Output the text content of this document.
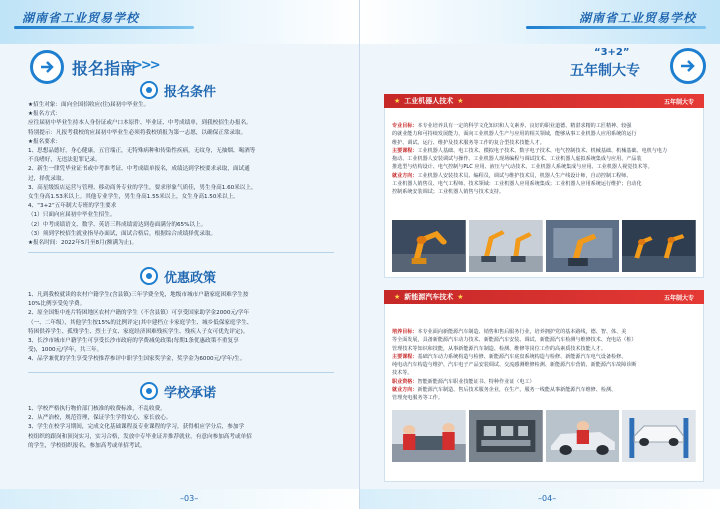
湖南省工业贸易学校
报名指南
>>>
报名条件
★招生对象：面向全国招收应(往)届初中毕业生。
★报名方式：
应往届初中毕业生持本人身份证或户口本原件、毕业证、中考成绩单，到我校招生办报名。
特别提示：凡报考我校的应届初中毕业生必须将我校填报为第一志愿，以确保正常录取。
★报名要求：
1、思想品德好，身心健康，五官端正，无特殊病种和传染性疾病，无纹身，无抽烟、喝酒等
不良嗜好，无违法犯罪记录。
2、新生一律凭毕业证书或中考准考证、中考成绩单报名，成绩达到学校要求录取，面试通
过，择优录取。
3、高星级饭店运营与管理、移动商务专业的学生，要求形象气质佳，男生身高1.60米以上，
女生身高1.53米以上。其他专业学生，男生身高1.55米以上，女生身高1.50米以上。
4、“3+2”五年制大专班的学生要求
（1）只面向应届初中毕业生招生。
（2）中考成绩语文、数学、英语三科成绩需达到卷面满分的65%以上。
（3）须到学校招生就业指导办面试，面试合格后，根据综合成绩择优录取。
★报名时间：2022年5月至8月(额满为止)。
优惠政策
1、凡到我校就读的农村户籍学生(含县镇)三年学费全免，地级市城市户籍家庭困难学生按
10%比例享受免学费。
2、原全国集中连片特困地区农村户籍的学生（不含县镇）可享受国家助学金2000元/学年
（一、二年级），其他学生按15%的比例评定(其中建档立卡家庭学生、城乡低保家庭学生、
特困供养学生、孤残学生、烈士子女、家庭经济困难残疾学生、残疾人子女可优先评定)。
3、长沙市城市户籍学生可享受长沙市政府的学费减免政策(每期1条优惠政策不重复享
受)，1000元/学年，共三年。
4、品学兼优的学生享受学校推荐参评中职学生国家奖学金，奖学金为6000元/学年/生。
学校承诺
1、学校严格执行物价部门核准的收费标准，不乱收费。
2、从严治校，规范管理，保证学生学得安心，家长放心。
3、学生在校学习期间，完成文化基础课程及专业课程的学习，获得相应学分后，参加学
校组织的跟岗和顶岗实习，实习合格，发放中专毕业证并推荐就业。有意向参加高考或单招
的学生，学校组织报名，参加高考或单招考试。
–03–
湖南省工业贸易学校
“3+2”
五年制大专
–04–
★ 工业机器人技术 ★	五年制大专
专业目标：本专业培养具有一定的科学文化知识和人文素养、良好的职业道德、精湛求精的工匠精神、较强
的就业能力和可持续发展能力，面向工业机器人生产与应用的相关领域，能够从事工业机器人应用系统的运行
维护、调试、运行、维护及技术服务等工作的复合型技术技能人才。
主要课程：工业机器人基础、电工技术、模拟电子技术、数字电子技术、电气控制技术、机械基础、机械基础、电机与电力
拖动、工业机器人安装调试与操作、工业机器人现场编程与调试技术、工业机器人虚拟系统集成与应用、产品装
推选型与结构设计、电气控制与PLC 应用、液压与气动技术、工业机器人系统集成与应用、工业机器人视觉技术等。
就业方向：工业机器人安装技术员、编程员，调试与维护技术员，机器人生产线设计师，自动控制工程师、
工业机器人销售员、电气工程师、技术领域：工业机器人应用系统集成；工业机器人应用系统运行维护；自动化
控制系统安装调试；工业机器人销售与技术支持。
★ 新能源汽车技术 ★	五年制大专
培养目标：本专业面向新能源汽车制造、销售和售后服务行业，培养拥护党的基本路线，德、智、体、美
等全面发展，具备新能源汽车动力技术、新能源汽车安装、调试、新能源汽车检测与维修技术、充电站（桩）
管理技术等知识和技能，从事新能源汽车制造、检测、维修等岗位工作的高素质技术技能人才。
主要课程：基础汽车动力系统构造与检修、新能源汽车底盘系统构造与检修、新能源汽车电气设备检修、
纯电动汽车构造与维护、汽车电子产品安装调试、交流感测维修检测、新能源汽车营销、新能源汽车故障诊断
技术等。
职业资格：智能新能源汽车职业技能证书、特种作业证（电工）
就业方向：新能源汽车制造、售后技术服务企业，在生产、服务一线能从事新能源汽车维修、检测、
管理充电服务等工作。
